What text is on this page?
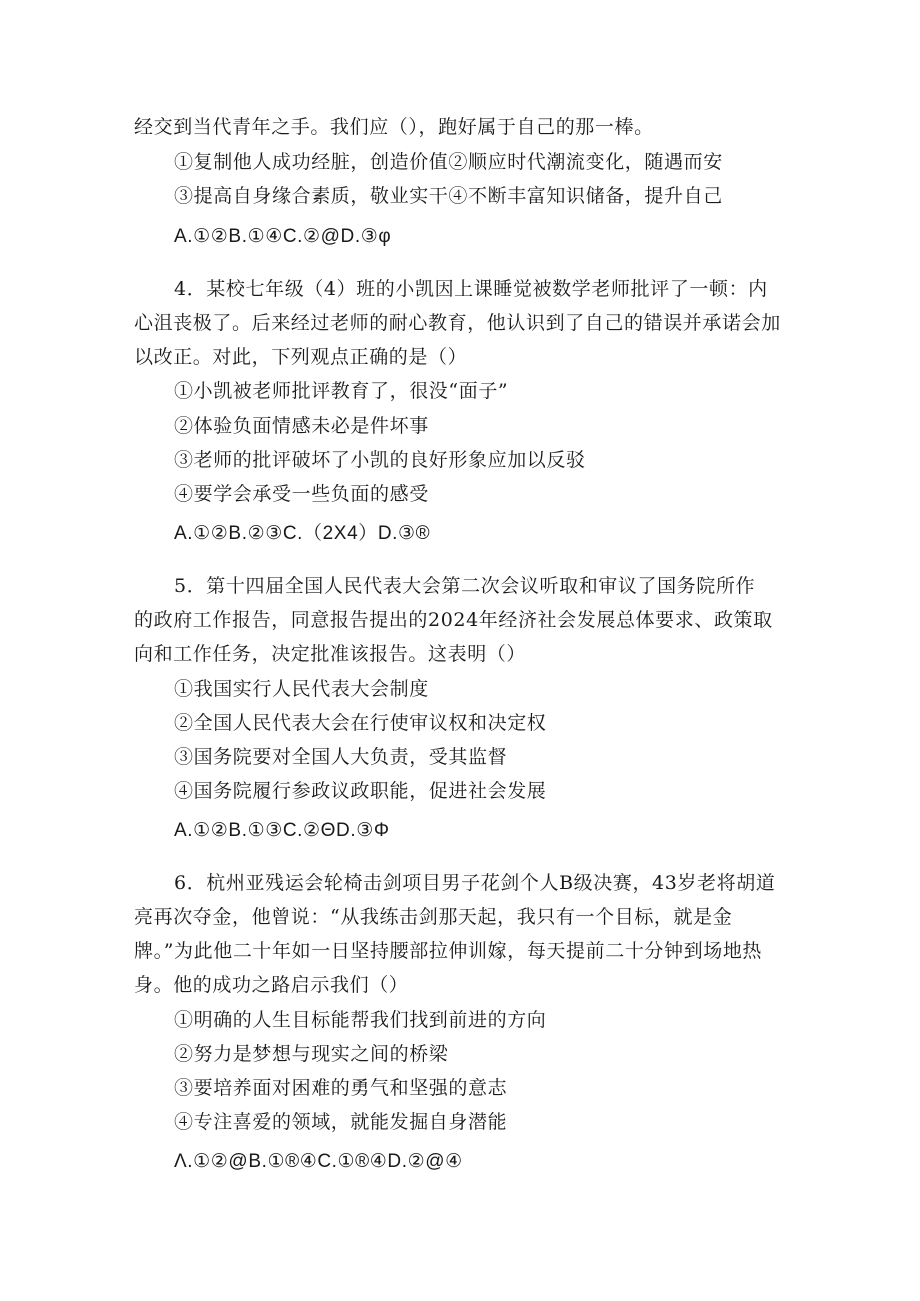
经交到当代青年之手。我们应（），跑好属于自己的那一棒。
①复制他人成功经脏，创造价值②顺应时代潮流变化，随遇而安
③提高自身缘合素质，敬业实干④不断丰富知识储备，提升自己
A.①②B.①④C.②@D.③φ
4．某校七年级（4）班的小凯因上课睡觉被数学老师批评了一顿：内
心沮丧极了。后来经过老师的耐心教育，他认识到了自己的错误并承诺会加
以改正。对此，下列观点正确的是（）
①小凯被老师批评教育了，很没“面子”
②体验负面情感未必是件坏事
③老师的批评破坏了小凯的良好形象应加以反驳
④要学会承受一些负面的感受
A.①②B.②③C.（2X4）D.③®
5．第十四届全国人民代表大会第二次会议听取和审议了国务院所作
的政府工作报告，同意报告提出的2024年经济社会发展总体要求、政策取
向和工作任务，决定批准该报告。这表明（）
①我国实行人民代表大会制度
②全国人民代表大会在行使审议权和决定权
③国务院要对全国人大负责，受其监督
④国务院履行参政议政职能，促进社会发展
A.①②B.①③C.②ΘD.③Φ
6．杭州亚残运会轮椅击剑项目男子花剑个人B级决赛，43岁老将胡道
亮再次夺金，他曾说：“从我练击剑那天起，我只有一个目标，就是金
牌。”为此他二十年如一日坚持腰部拉伸训嫁，每天提前二十分钟到场地热
身。他的成功之路启示我们（）
①明确的人生目标能帮我们找到前进的方向
②努力是梦想与现实之间的桥梁
③要培养面对困难的勇气和坚强的意志
④专注喜爱的领域，就能发掘自身潜能
Λ.①②@B.①®④C.①®④D.②@④
